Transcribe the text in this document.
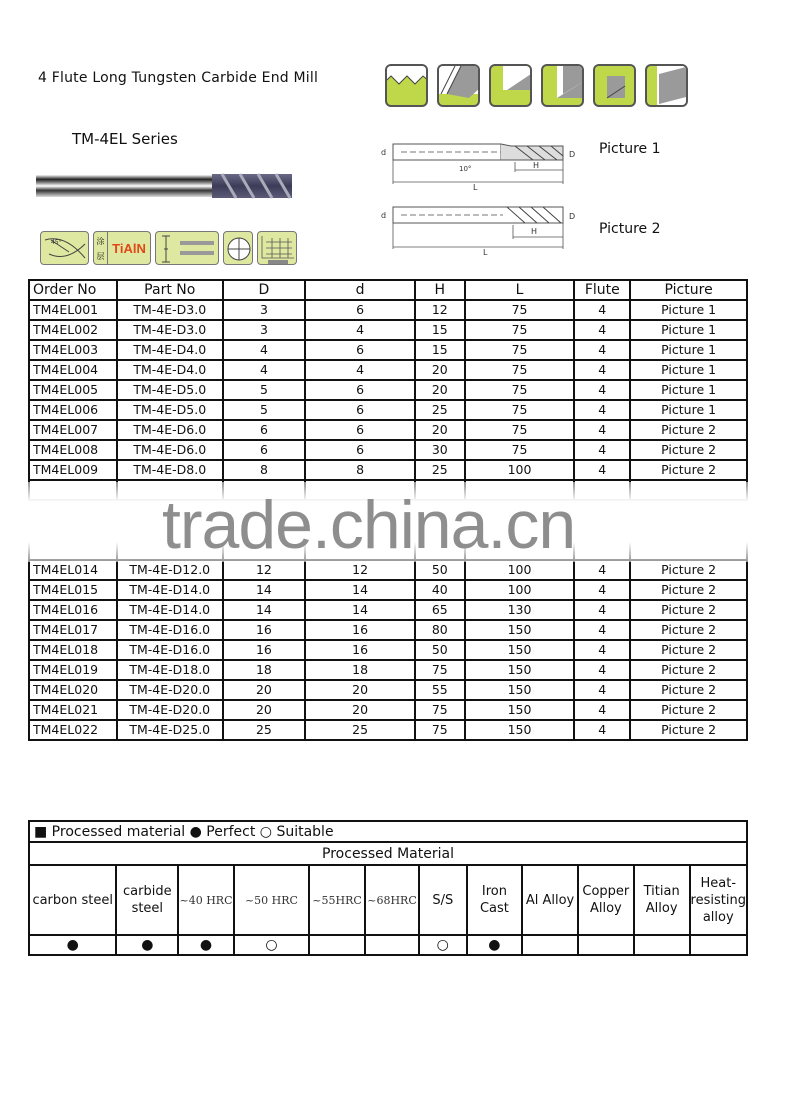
4 Flute Long Tungsten Carbide End Mill
TM-4EL Series
45°	涂层
TiAlN
10°	H
L
d	D
H
L
d	D
Picture 1
Picture 2
Order No	Part No	D	d	H	L	Flute	Picture
TM4EL001	TM-4E-D3.0	3	6	12	75	4	Picture 1
TM4EL002	TM-4E-D3.0	3	4	15	75	4	Picture 1
TM4EL003	TM-4E-D4.0	4	6	15	75	4	Picture 1
TM4EL004	TM-4E-D4.0	4	4	20	75	4	Picture 1
TM4EL005	TM-4E-D5.0	5	6	20	75	4	Picture 1
TM4EL006	TM-4E-D5.0	5	6	25	75	4	Picture 1
TM4EL007	TM-4E-D6.0	6	6	20	75	4	Picture 2
TM4EL008	TM-4E-D6.0	6	6	30	75	4	Picture 2
TM4EL009	TM-4E-D8.0	8	8	25	100	4	Picture 2

TM4EL014	TM-4E-D12.0	12	12	50	100	4	Picture 2
TM4EL015	TM-4E-D14.0	14	14	40	100	4	Picture 2
TM4EL016	TM-4E-D14.0	14	14	65	130	4	Picture 2
TM4EL017	TM-4E-D16.0	16	16	80	150	4	Picture 2
TM4EL018	TM-4E-D16.0	16	16	50	150	4	Picture 2
TM4EL019	TM-4E-D18.0	18	18	75	150	4	Picture 2
TM4EL020	TM-4E-D20.0	20	20	55	150	4	Picture 2
TM4EL021	TM-4E-D20.0	20	20	75	150	4	Picture 2
TM4EL022	TM-4E-D25.0	25	25	75	150	4	Picture 2
trade.china.cn
■ Processed material ● Perfect ○ Suitable											
Processed Material											
carbon steel	carbide steel	~40 HRC	~50 HRC	~55HRC	~68HRC	S/S	Iron Cast	Al Alloy	Copper Alloy	Titian Alloy	Heat-resisting alloy
●	●	●	○			○	●				
